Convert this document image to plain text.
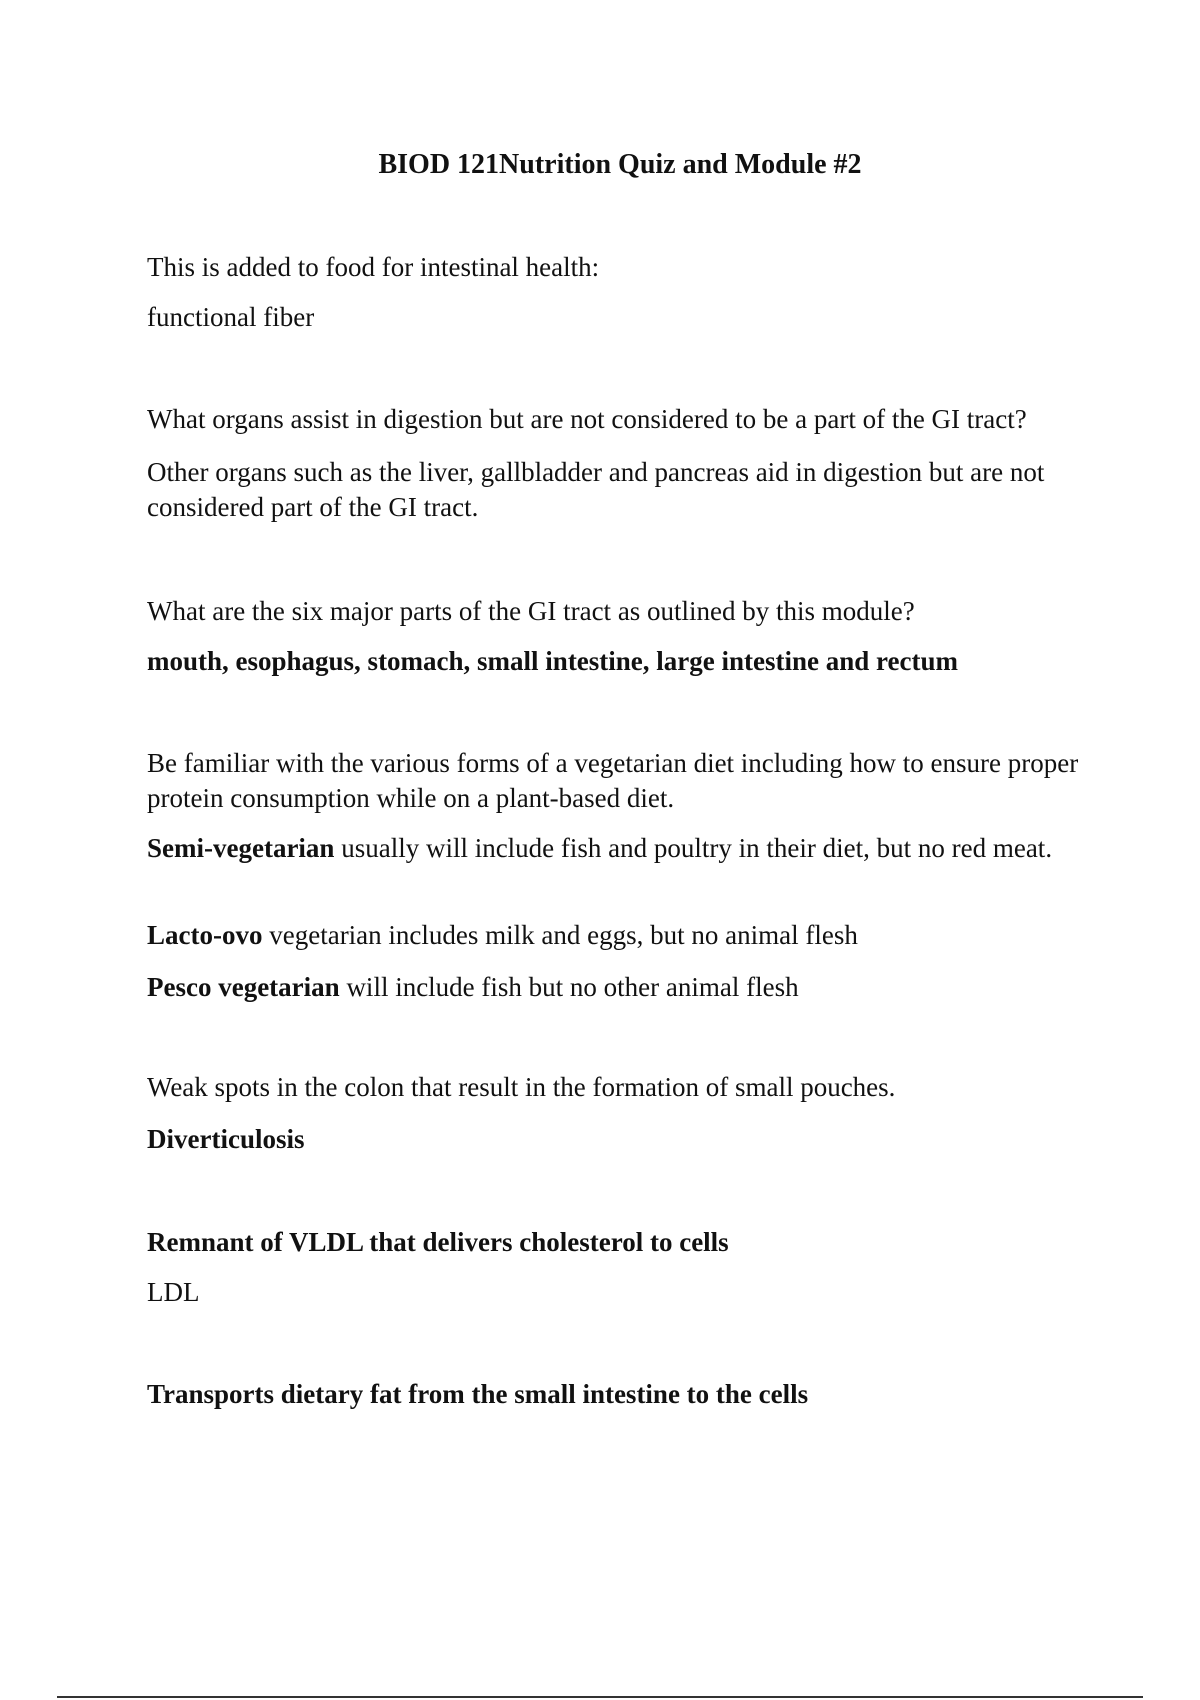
BIOD 121Nutrition Quiz and Module #2
This is added to food for intestinal health:
functional fiber
What organs assist in digestion but are not considered to be a part of the GI tract?
Other organs such as the liver, gallbladder and pancreas aid in digestion but are not considered part of the GI tract.
What are the six major parts of the GI tract as outlined by this module?
mouth, esophagus, stomach, small intestine, large intestine and rectum
Be familiar with the various forms of a vegetarian diet including how to ensure proper protein consumption while on a plant-based diet.
Semi-vegetarian usually will include fish and poultry in their diet, but no red meat.
Lacto-ovo vegetarian includes milk and eggs, but no animal flesh
Pesco vegetarian will include fish but no other animal flesh
Weak spots in the colon that result in the formation of small pouches.
Diverticulosis
Remnant of VLDL that delivers cholesterol to cells
LDL
Transports dietary fat from the small intestine to the cells
